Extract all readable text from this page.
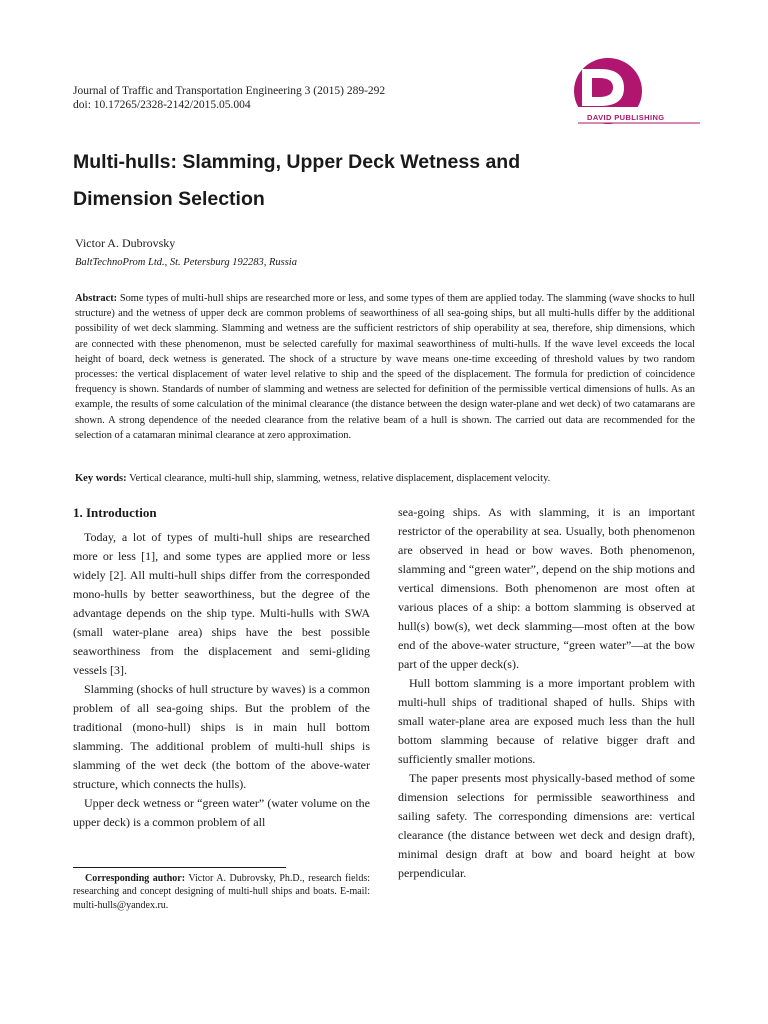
Journal of Traffic and Transportation Engineering 3 (2015) 289-292
doi: 10.17265/2328-2142/2015.05.004
DAVID PUBLISHING
Multi-hulls: Slamming, Upper Deck Wetness and
Dimension Selection
Victor A. Dubrovsky
BaltTechnoProm Ltd., St. Petersburg 192283, Russia
Abstract: Some types of multi-hull ships are researched more or less, and some types of them are applied today. The slamming (wave shocks to hull structure) and the wetness of upper deck are common problems of seaworthiness of all sea-going ships, but all multi-hulls differ by the additional possibility of wet deck slamming. Slamming and wetness are the sufficient restrictors of ship operability at sea, therefore, ship dimensions, which are connected with these phenomenon, must be selected carefully for maximal seaworthiness of multi-hulls. If the wave level exceeds the local height of board, deck wetness is generated. The shock of a structure by wave means one-time exceeding of threshold values by two random processes: the vertical displacement of water level relative to ship and the speed of the displacement. The formula for prediction of coincidence frequency is shown. Standards of number of slamming and wetness are selected for definition of the permissible vertical dimensions of hulls. As an example, the results of some calculation of the minimal clearance (the distance between the design water-plane and wet deck) of two catamarans are shown. A strong dependence of the needed clearance from the relative beam of a hull is shown. The carried out data are recommended for the selection of a catamaran minimal clearance at zero approximation.
Key words: Vertical clearance, multi-hull ship, slamming, wetness, relative displacement, displacement velocity.
1. Introduction

Today, a lot of types of multi-hull ships are researched more or less [1], and some types are applied more or less widely [2]. All multi-hull ships differ from the corresponded mono-hulls by better seaworthiness, but the degree of the advantage depends on the ship type. Multi-hulls with SWA (small water-plane area) ships have the best possible seaworthiness from the displacement and semi-gliding vessels [3].

Slamming (shocks of hull structure by waves) is a common problem of all sea-going ships. But the problem of the traditional (mono-hull) ships is in main hull bottom slamming. The additional problem of multi-hull ships is slamming of the wet deck (the bottom of the above-water structure, which connects the hulls).

Upper deck wetness or “green water” (water volume on the upper deck) is a common problem of all

sea-going ships. As with slamming, it is an important restrictor of the operability at sea. Usually, both phenomenon are observed in head or bow waves. Both phenomenon, slamming and “green water”, depend on the ship motions and vertical dimensions. Both phenomenon are most often at various places of a ship: a bottom slamming is observed at hull(s) bow(s), wet deck slamming—most often at the bow end of the above-water structure, “green water”—at the bow part of the upper deck(s).

Hull bottom slamming is a more important problem with multi-hull ships of traditional shaped of hulls. Ships with small water-plane area are exposed much less than the hull bottom slamming because of relative bigger draft and sufficiently smaller motions.

The paper presents most physically-based method of some dimension selections for permissible seaworthiness and sailing safety. The corresponding dimensions are: vertical clearance (the distance between wet deck and design draft), minimal design draft at bow and board height at bow perpendicular.

Corresponding author: Victor A. Dubrovsky, Ph.D., research fields: researching and concept designing of multi-hull ships and boats. E-mail: multi-hulls@yandex.ru.
